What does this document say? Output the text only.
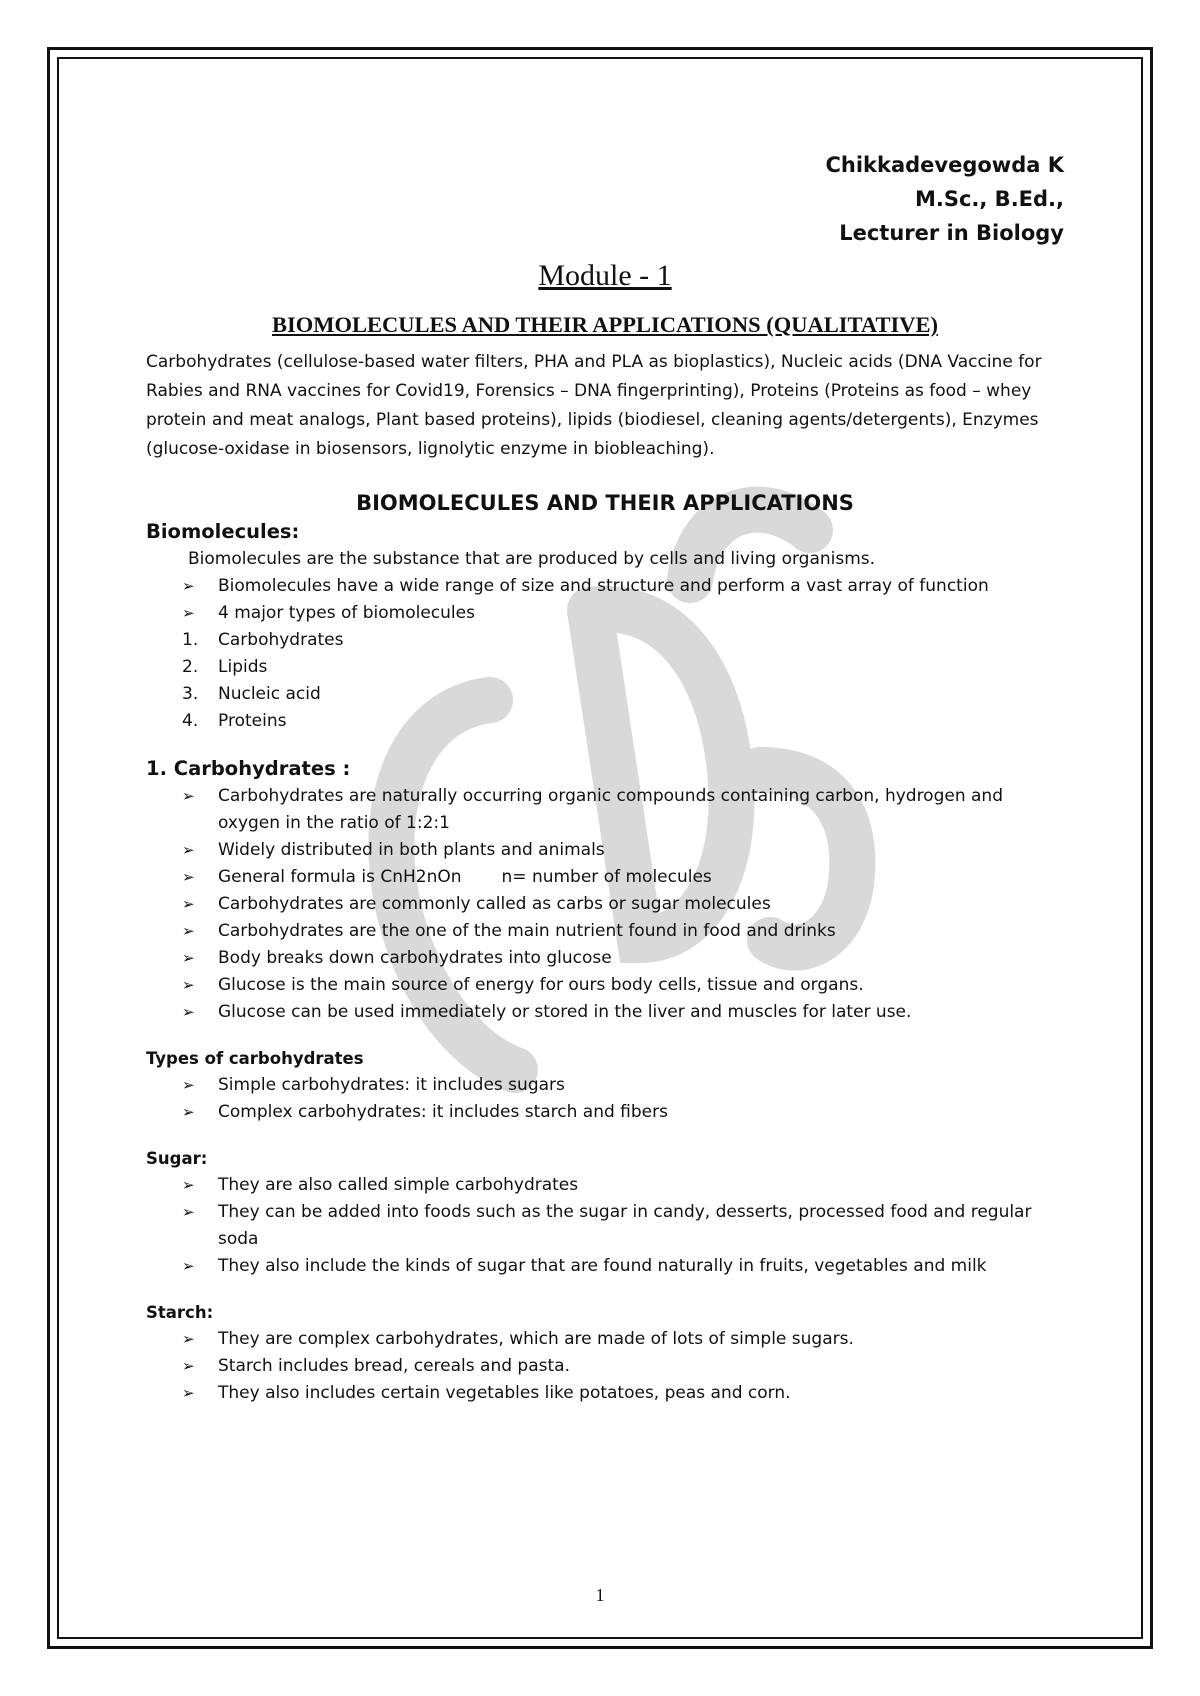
Chikkadevegowda K
M.Sc., B.Ed.,
Lecturer in Biology
Module - 1
BIOMOLECULES AND THEIR APPLICATIONS (QUALITATIVE)
Carbohydrates (cellulose-based water filters, PHA and PLA as bioplastics), Nucleic acids (DNA Vaccine for Rabies and RNA vaccines for Covid19, Forensics – DNA fingerprinting), Proteins (Proteins as food – whey protein and meat analogs, Plant based proteins), lipids (biodiesel, cleaning agents/detergents), Enzymes (glucose-oxidase in biosensors, lignolytic enzyme in biobleaching).
BIOMOLECULES AND THEIR APPLICATIONS
Biomolecules:
Biomolecules are the substance that are produced by cells and living organisms.
➢ Biomolecules have a wide range of size and structure and perform a vast array of function
➢ 4 major types of biomolecules
1. Carbohydrates
2. Lipids
3. Nucleic acid
4. Proteins
1. Carbohydrates :
➢ Carbohydrates are naturally occurring organic compounds containing carbon, hydrogen and oxygen in the ratio of 1:2:1
➢ Widely distributed in both plants and animals
➢ General formula is CnH2nOn n= number of molecules
➢ Carbohydrates are commonly called as carbs or sugar molecules
➢ Carbohydrates are the one of the main nutrient found in food and drinks
➢ Body breaks down carbohydrates into glucose
➢ Glucose is the main source of energy for ours body cells, tissue and organs.
➢ Glucose can be used immediately or stored in the liver and muscles for later use.
Types of carbohydrates
➢ Simple carbohydrates: it includes sugars
➢ Complex carbohydrates: it includes starch and fibers
Sugar:
➢ They are also called simple carbohydrates
➢ They can be added into foods such as the sugar in candy, desserts, processed food and regular soda
➢ They also include the kinds of sugar that are found naturally in fruits, vegetables and milk
Starch:
➢ They are complex carbohydrates, which are made of lots of simple sugars.
➢ Starch includes bread, cereals and pasta.
➢ They also includes certain vegetables like potatoes, peas and corn.
1
